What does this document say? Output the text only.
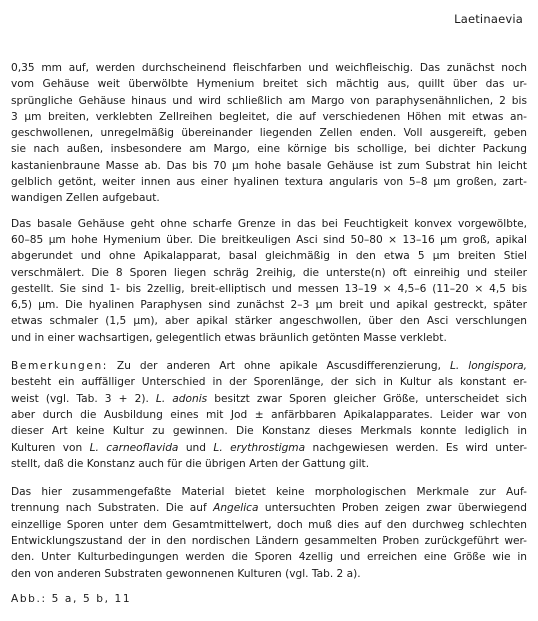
Laetinaevia
0,35 mm auf, werden durchscheinend fleischfarben und weichfleischig. Das zunächst noch
vom Gehäuse weit überwölbte Hymenium breitet sich mächtig aus, quillt über das ur-
sprüngliche Gehäuse hinaus und wird schließlich am Margo von paraphysenähnlichen, 2 bis
3 µm breiten, verklebten Zellreihen begleitet, die auf verschiedenen Höhen mit etwas an-
geschwollenen, unregelmäßig übereinander liegenden Zellen enden. Voll ausgereift, geben
sie nach außen, insbesondere am Margo, eine körnige bis schollige, bei dichter Packung
kastanienbraune Masse ab. Das bis 70 µm hohe basale Gehäuse ist zum Substrat hin leicht
gelblich getönt, weiter innen aus einer hyalinen textura angularis von 5–8 µm großen, zart-
wandigen Zellen aufgebaut.
Das basale Gehäuse geht ohne scharfe Grenze in das bei Feuchtigkeit konvex vorgewölbte,
60–85 µm hohe Hymenium über. Die breitkeuligen Asci sind 50–80 × 13–16 µm groß, apikal
abgerundet und ohne Apikalapparat, basal gleichmäßig in den etwa 5 µm breiten Stiel
verschmälert. Die 8 Sporen liegen schräg 2reihig, die unterste(n) oft einreihig und steiler
gestellt. Sie sind 1- bis 2zellig, breit-elliptisch und messen 13–19 × 4,5–6 (11–20 × 4,5 bis
6,5) µm. Die hyalinen Paraphysen sind zunächst 2–3 µm breit und apikal gestreckt, später
etwas schmaler (1,5 µm), aber apikal stärker angeschwollen, über den Asci verschlungen
und in einer wachsartigen, gelegentlich etwas bräunlich getönten Masse verklebt.
Bemerkungen: Zu der anderen Art ohne apikale Ascusdifferenzierung, L. longispora,
besteht ein auffälliger Unterschied in der Sporenlänge, der sich in Kultur als konstant er-
weist (vgl. Tab. 3 + 2). L. adonis besitzt zwar Sporen gleicher Größe, unterscheidet sich
aber durch die Ausbildung eines mit Jod ± anfärbbaren Apikalapparates. Leider war von
dieser Art keine Kultur zu gewinnen. Die Konstanz dieses Merkmals konnte lediglich in
Kulturen von L. carneoflavida und L. erythrostigma nachgewiesen werden. Es wird unter-
stellt, daß die Konstanz auch für die übrigen Arten der Gattung gilt.
Das hier zusammengefaßte Material bietet keine morphologischen Merkmale zur Auf-
trennung nach Substraten. Die auf Angelica untersuchten Proben zeigen zwar überwiegend
einzellige Sporen unter dem Gesamtmittelwert, doch muß dies auf den durchweg schlechten
Entwicklungszustand der in den nordischen Ländern gesammelten Proben zurückgeführt wer-
den. Unter Kulturbedingungen werden die Sporen 4zellig und erreichen eine Größe wie in
den von anderen Substraten gewonnenen Kulturen (vgl. Tab. 2 a).
Abb.: 5 a, 5 b, 11
